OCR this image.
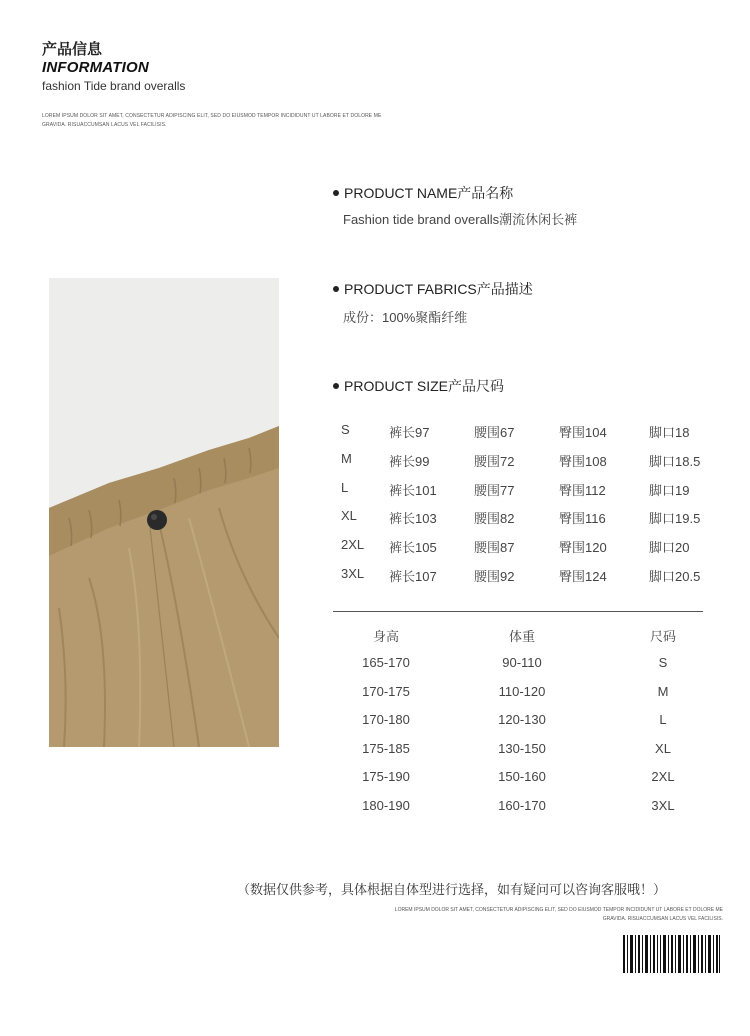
产品信息
INFORMATION
fashion Tide brand overalls
LOREM IPSUM DOLOR SIT AMET, CONSECTETUR ADIPISCING ELIT, SED DO EIUSMOD TEMPOR INCIDIDUNT UT LABORE ET DOLORE ME GRAVIDA. RISUACCUMSAN LACUS VEL FACILISIS.
PRODUCT NAME产品名称
Fashion tide brand overalls潮流休闲长裤
PRODUCT FABRICS产品描述
成份：100%聚酯纤维
PRODUCT SIZE产品尺码
S	裤长97	腰围67	臀围104	脚口18
M	裤长99	腰围72	臀围108	脚口18.5
L	裤长101	腰围77	臀围112	脚口19
XL 裤长103	腰围82	臀围116	脚口19.5
2XL 裤长105	腰围87	臀围120	脚口20
3XL 裤长107	腰围92	臀围124	脚口20.5
身高	体重	尺码
165-170	90-110	S
170-175	110-120	M
170-180	120-130	L
175-185	130-150	XL
175-190	150-160	2XL
180-190	160-170	3XL
（数据仅供参考，具体根据自体型进行选择，如有疑问可以咨询客服哦！）
LOREM IPSUM DOLOR SIT AMET, CONSECTETUR ADIPISCING ELIT, SED DO EIUSMOD TEMPOR INCIDIDUNT UT LABORE ET DOLORE ME GRAVIDA. RISUACCUMSAN LACUS VEL FACILISIS.
